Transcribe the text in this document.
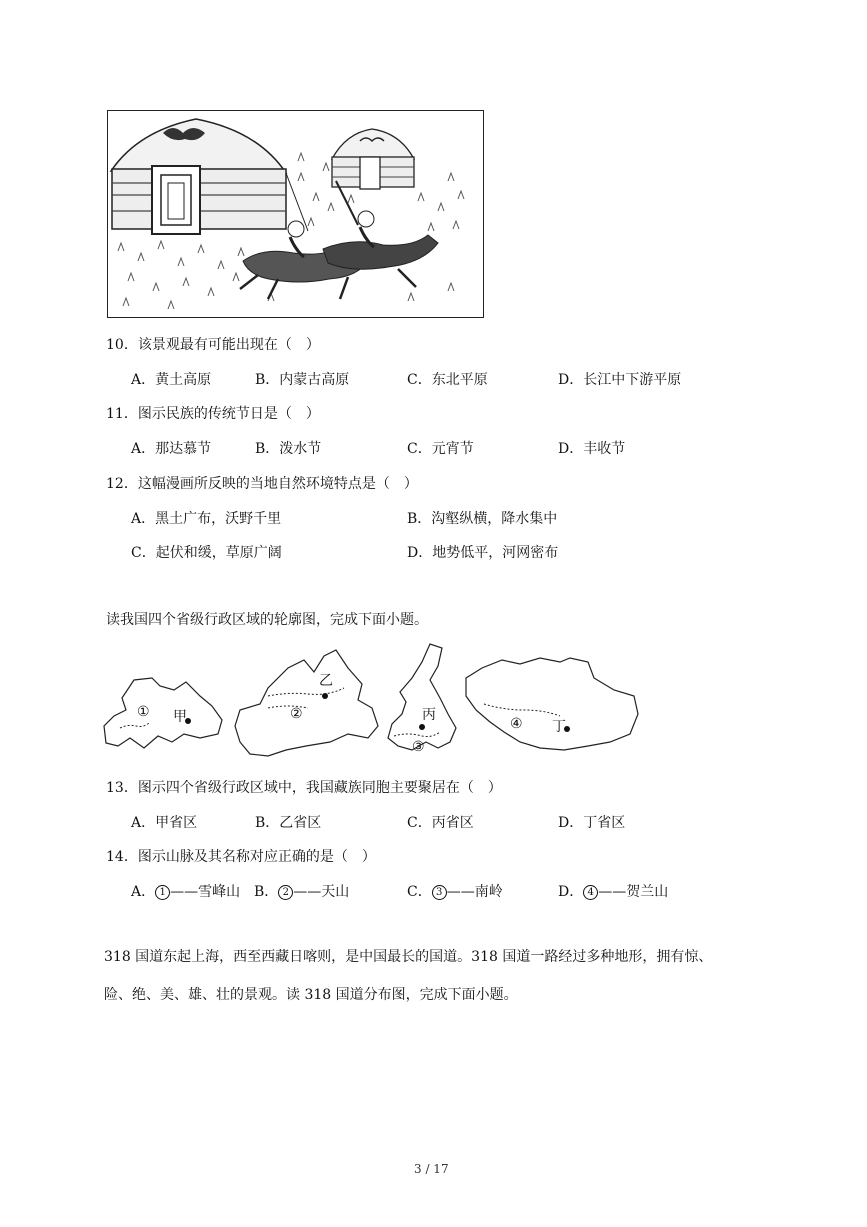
10．该景观最有可能出现在（　）
A．黄土高原	B．内蒙古高原	C．东北平原	D．长江中下游平原
11．图示民族的传统节日是（　）
A．那达慕节	B．泼水节	C．元宵节	D．丰收节
12．这幅漫画所反映的当地自然环境特点是（　）
A．黑土广布，沃野千里	B．沟壑纵横，降水集中
C．起伏和缓，草原广阔	D．地势低平，河网密布
读我国四个省级行政区域的轮廓图，完成下面小题。
甲
乙
丙
丁
①	②
③
④
13．图示四个省级行政区域中，我国藏族同胞主要聚居在（　）
A．甲省区	B．乙省区	C．丙省区	D．丁省区
14．图示山脉及其名称对应正确的是（　）
A． 1 ——雪峰山 B． 2 ——天山	C． 3 ——南岭	D． 4 ——贺兰山
318 国道东起上海，西至西藏日喀则，是中国最长的国道。318 国道一路经过多种地形，拥有惊、
险、绝、美、雄、壮的景观。读 318 国道分布图，完成下面小题。
3 / 17
